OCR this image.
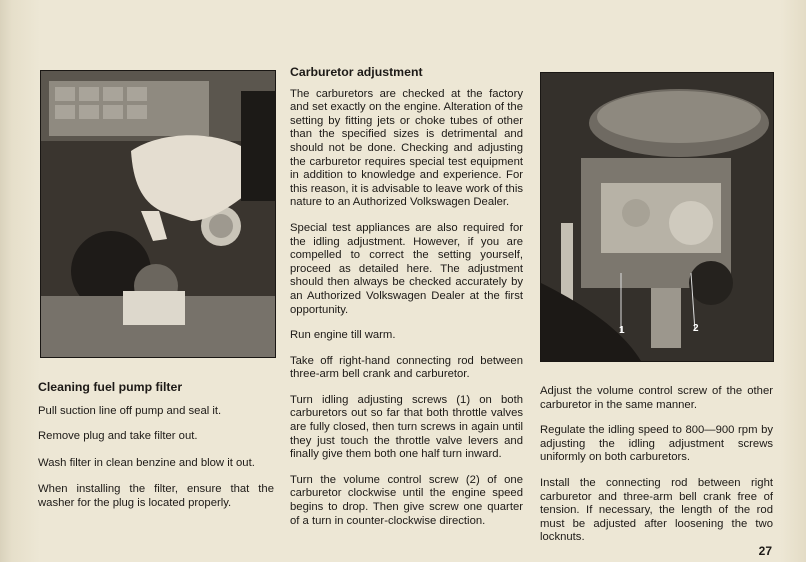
1	2
Cleaning fuel pump filter

Pull suction line off pump and seal it.

Remove plug and take filter out.

Wash filter in clean benzine and blow it out.

When installing the filter, ensure that the washer for the plug is located properly.

Carburetor adjustment

The carburetors are checked at the factory and set exactly on the engine. Alteration of the setting by fitting jets or choke tubes of other than the specified sizes is detrimental and should not be done. Checking and adjusting the carburetor requires special test equipment in addition to knowledge and experience. For this reason, it is advisable to leave work of this nature to an Authorized Volkswagen Dealer.

Special test appliances are also required for the idling adjustment. However, if you are compelled to correct the setting yourself, proceed as detailed here. The adjustment should then always be checked accurately by an Authorized Volkswagen Dealer at the first opportunity.

Run engine till warm.

Take off right-hand connecting rod between three-arm bell crank and carburetor.

Turn idling adjusting screws (1) on both carburetors out so far that both throttle valves are fully closed, then turn screws in again until they just touch the throttle valve levers and finally give them both one half turn inward.

Turn the volume control screw (2) of one carburetor clockwise until the engine speed begins to drop. Then give screw one quarter of a turn in counter-clockwise direction.

Adjust the volume control screw of the other carburetor in the same manner.

Regulate the idling speed to 800—900 rpm by adjusting the idling adjustment screws uniformly on both carburetors.

Install the connecting rod between right carburetor and three-arm bell crank free of tension. If necessary, the length of the rod must be adjusted after loosening the two locknuts.

27
